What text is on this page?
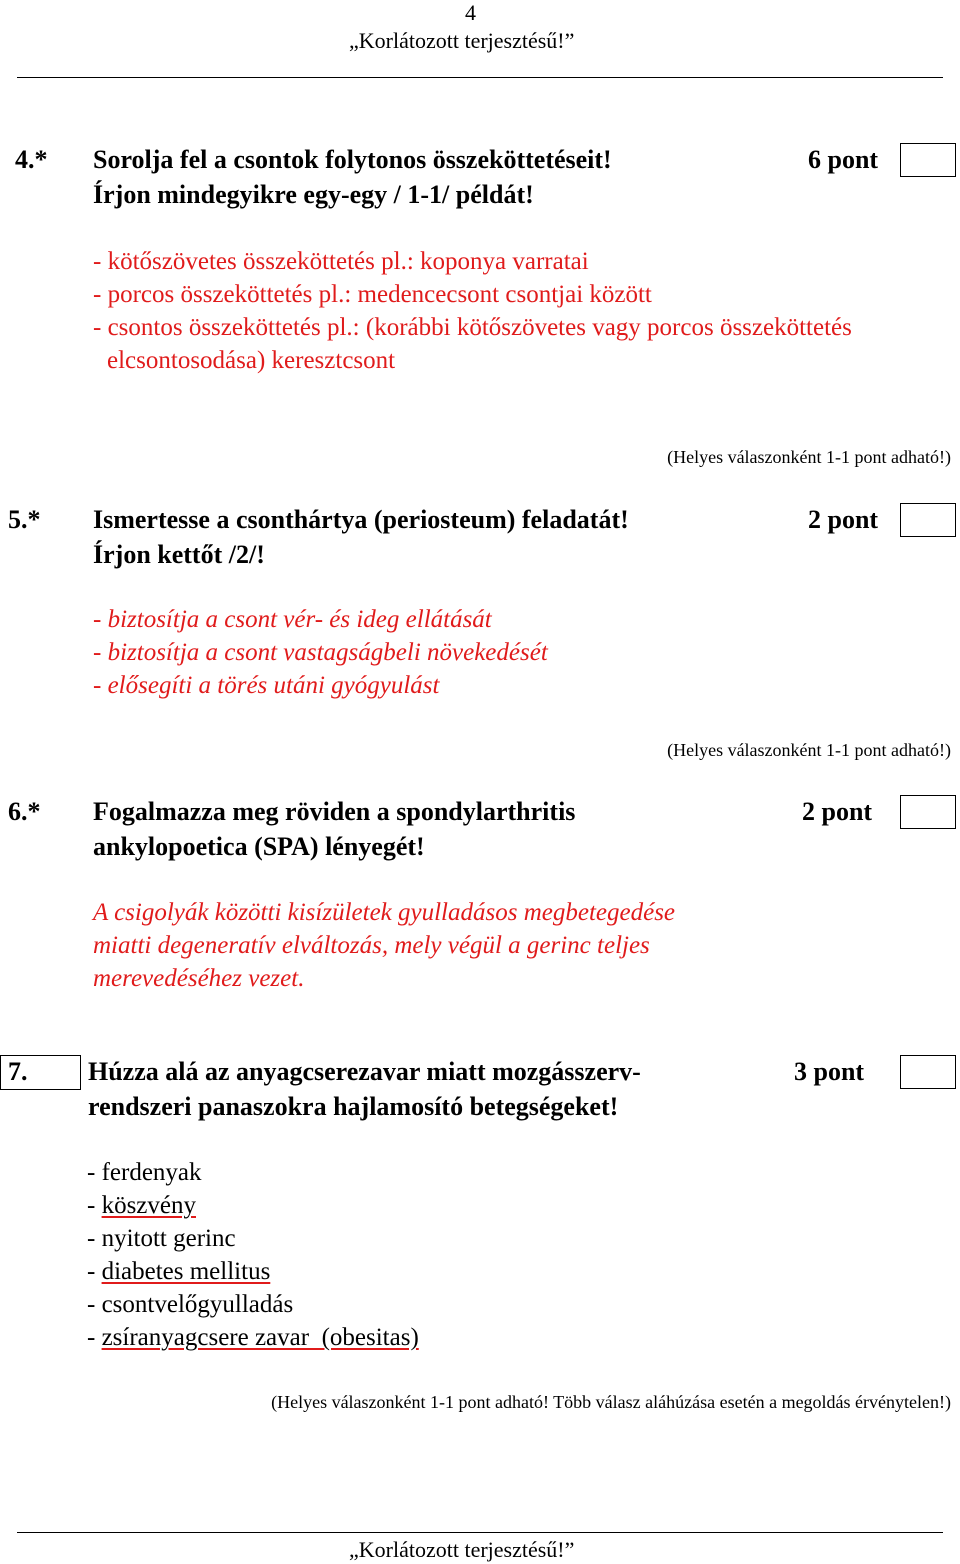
4
„Korlátozott terjesztésű!”
4.* Sorolja fel a csontok folytonos összeköttetéseit!
Írjon mindegyikre egy-egy / 1-1/ példát!
6 pont
- kötőszövetes összeköttetés pl.: koponya varratai
- porcos összeköttetés pl.: medencecsont csontjai között
- csontos összeköttetés pl.: (korábbi kötőszövetes vagy porcos összeköttetés
elcsontosodása) keresztcsont
(Helyes válaszonként 1-1 pont adható!)
5.* Ismertesse a csonthártya (periosteum) feladatát!
Írjon kettőt /2/!
2 pont
- biztosítja a csont vér- és ideg ellátását
- biztosítja a csont vastagságbeli növekedését
- elősegíti a törés utáni gyógyulást
(Helyes válaszonként 1-1 pont adható!)
6.* Fogalmazza meg röviden a spondylarthritis
ankylopoetica (SPA) lényegét!
2 pont
A csigolyák közötti kisízületek gyulladásos megbetegedése
miatti degeneratív elváltozás, mely végül a gerinc teljes
merevedéséhez vezet.
7. Húzza alá az anyagcserezavar miatt mozgásszerv-
rendszeri panaszokra hajlamosító betegségeket!
3 pont
- ferdenyak
- köszvény
- nyitott gerinc
- diabetes mellitus
- csontvelőgyulladás
- zsíranyagcsere zavar  (obesitas)
(Helyes válaszonként 1-1 pont adható! Több válasz aláhúzása esetén a megoldás érvénytelen!)
„Korlátozott terjesztésű!”
